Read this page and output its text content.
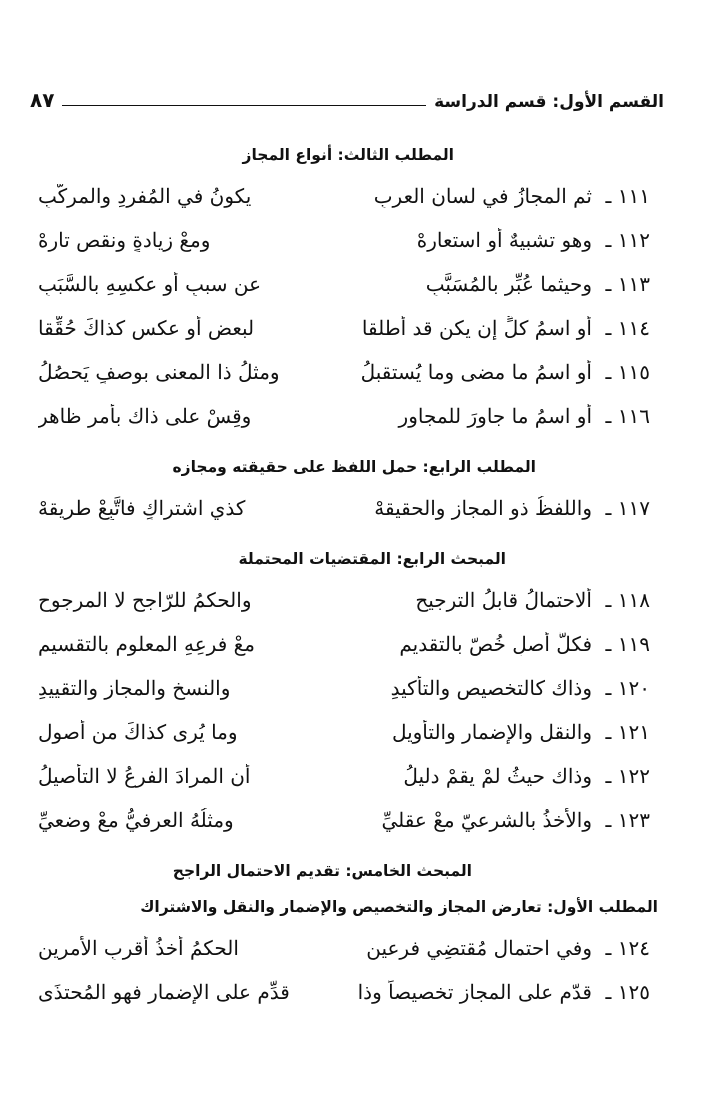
القسم الأول: قسم الدراسة
٨٧
المطلب الثالث: أنواع المجاز
١١١ ـ
ثم المجازُ في لسانِ العربِ
يكونُ في المُفردِ والمركَّبِ
١١٢ ـ
وهو تشبيهٌ أو استعارهْ
ومعْ زيادةٍ ونقصٍ تارهْ
١١٣ ـ
وحيثما عُبِّر بالمُسَبَّبِ
عن سببٍ أو عكسِهِ بالسَّبَبِ
١١٤ ـ
أو اسمُ كلٍّ إن يكن قد أُطلقا
لبعضٍ أو عكسٍ كذاكَ حُقِّقا
١١٥ ـ
أو اسمُ ما مضى وما يُستقبلُ
ومثلُ ذا المعنى بوصفٍ يَحصُلُ
١١٦ ـ
أو اسمُ ما جاورَ للمجاورِ
وقِسْ على ذاك بأمرٍ ظاهرِ
المطلب الرابع: حمل اللفظ على حقيقته ومجازه
١١٧ ـ
واللفظُ ذو المجازِ والحقيقهْ
كذي اشتراكٍ فاتَّبِعْ طريقهْ
المبحث الرابع: المقتضيات المحتملة
١١٨ ـ
ألاحتمالُ قابلُ الترجيحِ
والحكمُ للرّاجحِ لا المرجوحِ
١١٩ ـ
فكلُّ أصلٍ خُصّ بالتقديمِ
معْ فرعِهِ المعلومِ بالتقسيمِ
١٢٠ ـ
وذاك كالتخصيصِ والتأكيدِ
والنسخِ والمجازِ والتقييدِ
١٢١ ـ
والنقلِ والإضمارِ والتأويلِ
وما يُرى كذاكَ من أصولِ
١٢٢ ـ
وذاك حيثُ لمْ يقمْ دليلُ
أن المرادَ الفرعُ لا التأصيلُ
١٢٣ ـ
والأخذُ بالشرعيّ معْ عقليِّ
ومثلُهُ العرفيُّ معْ وضعيِّ
المبحث الخامس: تقديم الاحتمال الراجح
المطلب الأول: تعارض المجاز والتخصيص والإضمار والنقل والاشتراك
١٢٤ ـ
وفي احتمالِ مُقتضِي فرعينِ
الحكمُ أخذُ أقربِ الأمرينِ
١٢٥ ـ
قدّم على المجازِ تخصيصاً وذا
قدِّم على الإضمارِ فهو المُحتذَى
